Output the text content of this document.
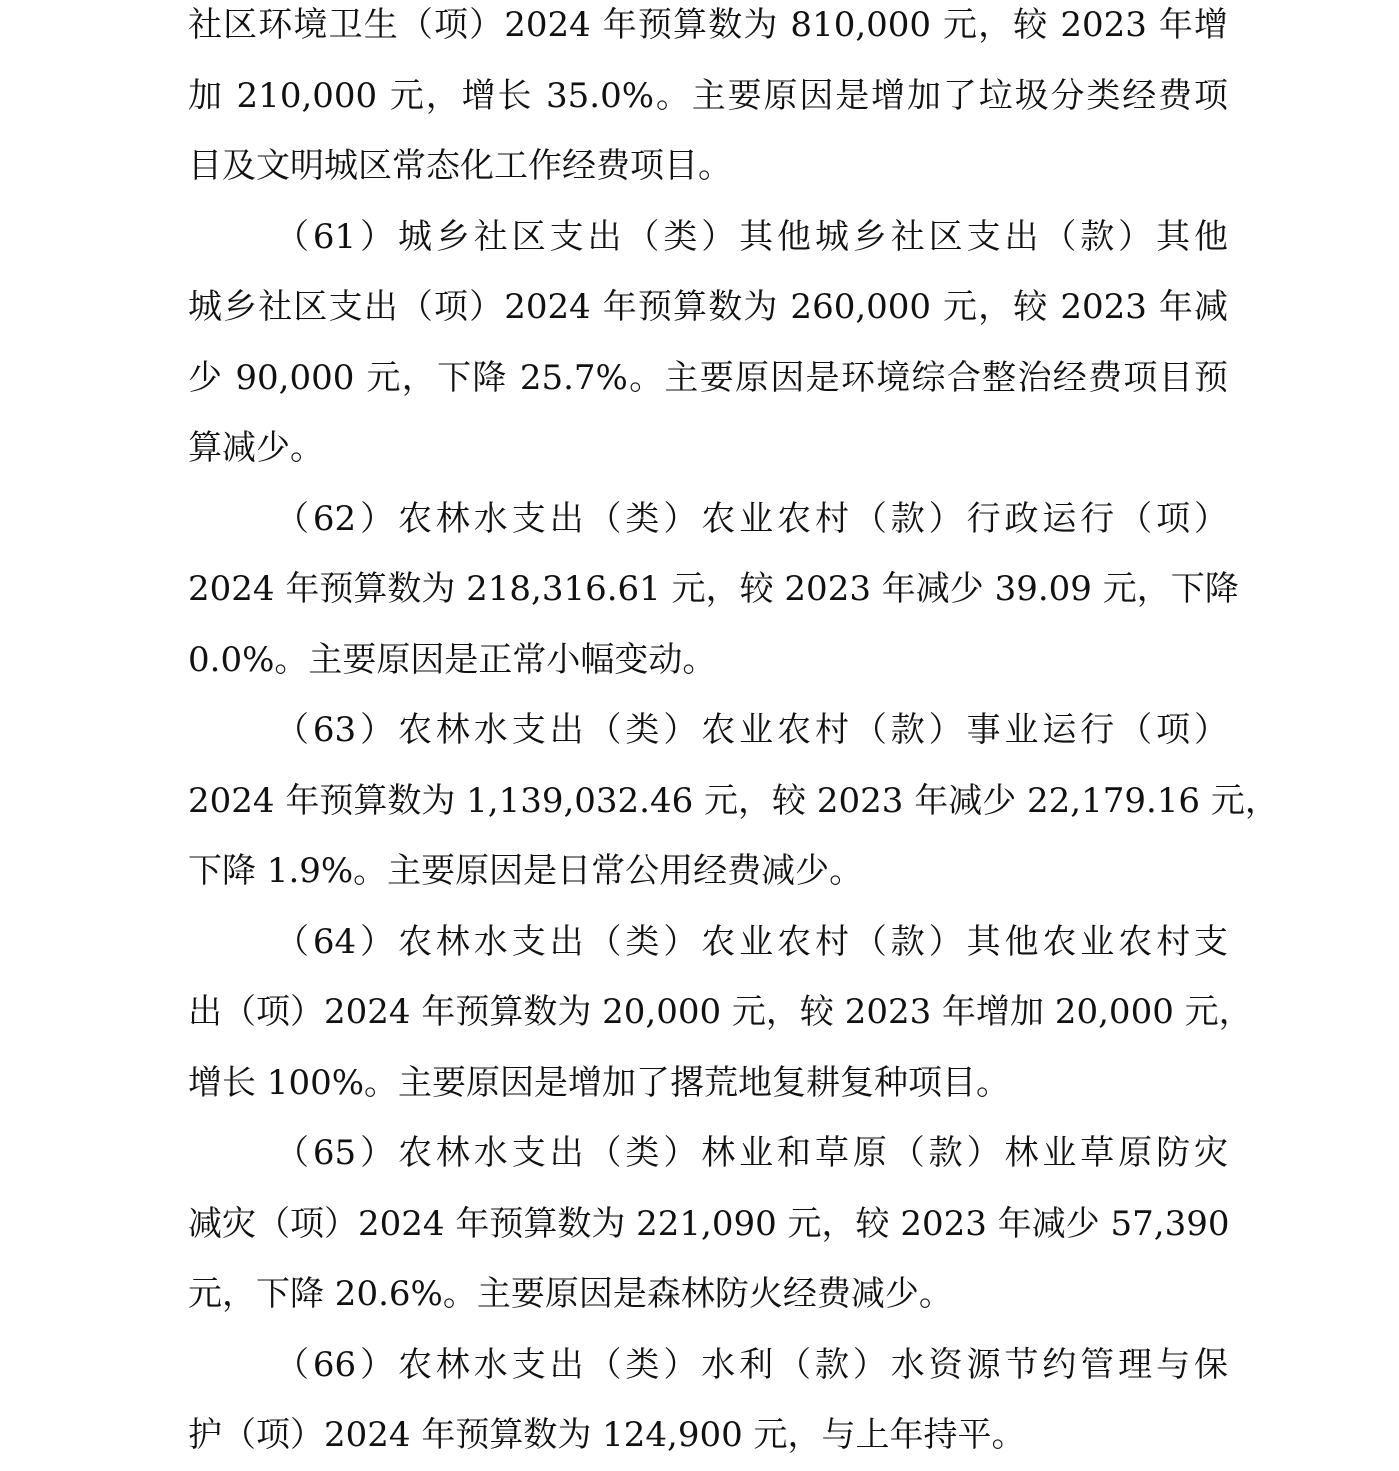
社区环境卫生（项）2024 年预算数为 810,000 元，较 2023 年增
加 210,000 元，增长 35.0%。主要原因是增加了垃圾分类经费项
目及文明城区常态化工作经费项目。
（61）城乡社区支出（类）其他城乡社区支出（款）其他
城乡社区支出（项）2024 年预算数为 260,000 元，较 2023 年减
少 90,000 元，下降 25.7%。主要原因是环境综合整治经费项目预
算减少。
（62）农林水支出（类）农业农村（款）行政运行（项）
2024 年预算数为 218,316.61 元，较 2023 年减少 39.09 元，下降
0.0%。主要原因是正常小幅变动。
（63）农林水支出（类）农业农村（款）事业运行（项）
2024 年预算数为 1,139,032.46 元，较 2023 年减少 22,179.16 元，
下降 1.9%。主要原因是日常公用经费减少。
（64）农林水支出（类）农业农村（款）其他农业农村支
出（项）2024 年预算数为 20,000 元，较 2023 年增加 20,000 元，
增长 100%。主要原因是增加了撂荒地复耕复种项目。
（65）农林水支出（类）林业和草原（款）林业草原防灾
减灾（项）2024 年预算数为 221,090 元，较 2023 年减少 57,390
元，下降 20.6%。主要原因是森林防火经费减少。
（66）农林水支出（类）水利（款）水资源节约管理与保
护（项）2024 年预算数为 124,900 元，与上年持平。
